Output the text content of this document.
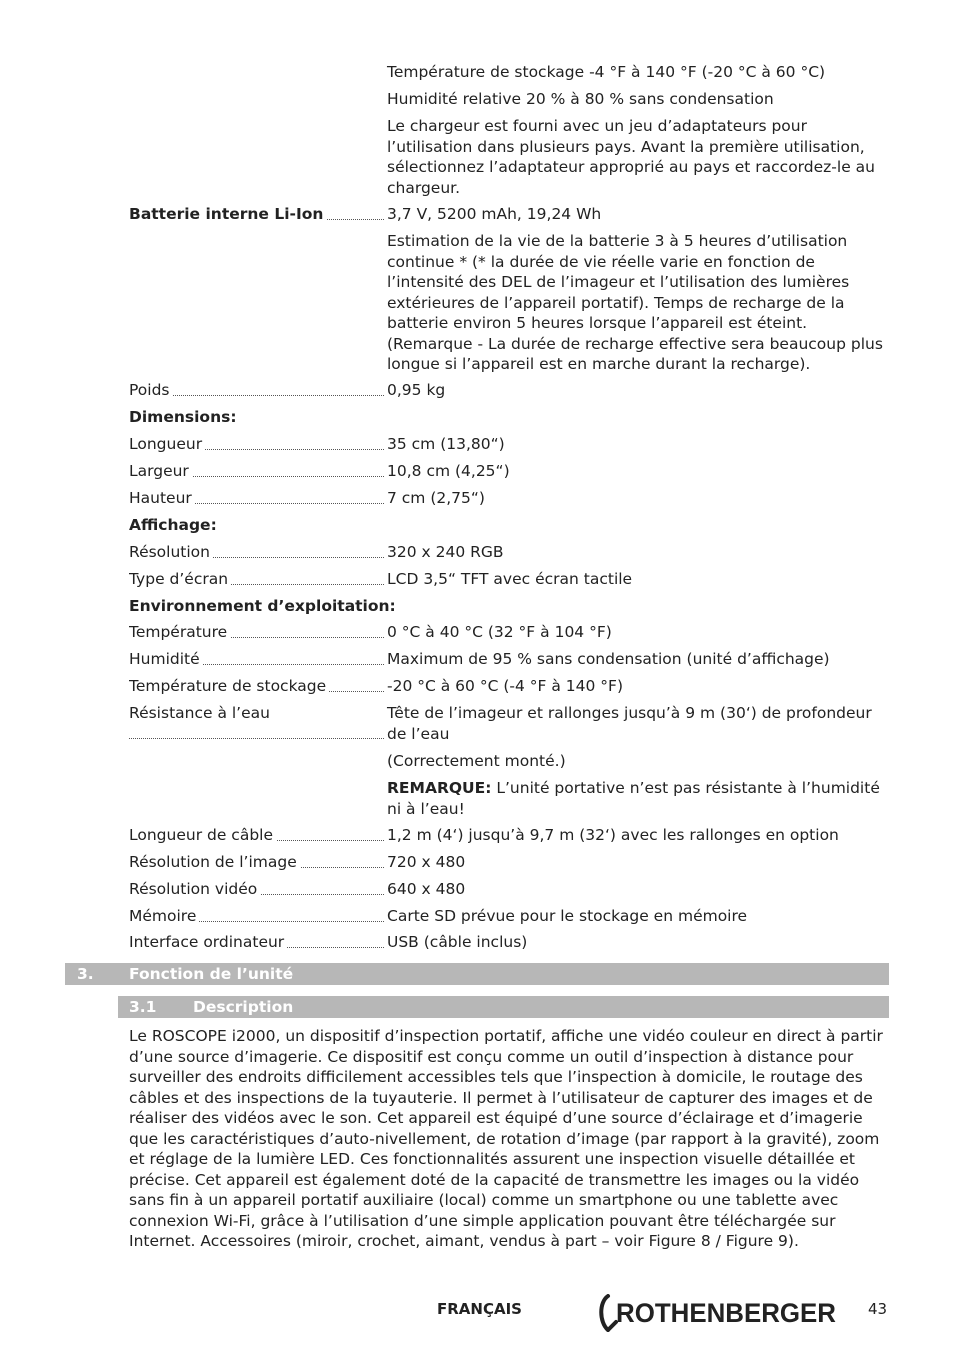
Température de stockage -4 °F à 140 °F (-20 °C à 60 °C)
Humidité relative 20 % à 80 % sans condensation
Le chargeur est fourni avec un jeu d’adaptateurs pour l’utilisation dans plusieurs pays. Avant la première utilisation, sélectionnez l’adaptateur approprié au pays et raccordez-le au chargeur.
Batterie interne Li-Ion	3,7 V, 5200 mAh, 19,24 Wh
Estimation de la vie de la batterie 3 à 5 heures d’utilisation continue * (* la durée de vie réelle varie en fonction de l’intensité des DEL de l’imageur et l’utilisation des lumières extérieures de l’appareil portatif). Temps de recharge de la batterie environ 5 heures lorsque l’appareil est éteint. (Remarque - La durée de recharge effective sera beaucoup plus longue si l’appareil est en marche durant la recharge).
Poids	0,95 kg
Dimensions:
Longueur	35 cm (13,80“)
Largeur	10,8 cm (4,25“)
Hauteur	7 cm (2,75“)
Affichage:
Résolution	320 x 240 RGB
Type d’écran	LCD 3,5“ TFT avec écran tactile
Environnement d’exploitation:
Température	0 °C à 40 °C (32 °F à 104 °F)
Humidité	Maximum de 95 % sans condensation (unité d’affichage)
Température de stockage	-20 °C à 60 °C (-4 °F à 140 °F)
Résistance à l’eau	Tête de l’imageur et rallonges jusqu’à 9 m (30‘) de profondeur de l’eau
(Correctement monté.)
REMARQUE: L’unité portative n’est pas résistante à l’humidité ni à l’eau!
Longueur de câble	1,2 m (4‘) jusqu’à 9,7 m (32‘) avec les rallonges en option
Résolution de l’image	720 x 480
Résolution vidéo	640 x 480
Mémoire	Carte SD prévue pour le stockage en mémoire
Interface ordinateur	USB (câble inclus)
3. Fonction de l’unité
3.1 Description

Le ROSCOPE i2000, un dispositif d’inspection portatif, affiche une vidéo couleur en direct à partir d’une source d’imagerie. Ce dispositif est conçu comme un outil d’inspection à distance pour surveiller des endroits difficilement accessibles tels que l’inspection à domicile, le routage des câbles et des inspections de la tuyauterie. Il permet à l’utilisateur de capturer des images et de réaliser des vidéos avec le son. Cet appareil est équipé d’une source d’éclairage et d’imagerie que les caractéristiques d’auto-nivellement, de rotation d’image (par rapport à la gravité), zoom et réglage de la lumière LED. Ces fonctionnalités assurent une inspection visuelle détaillée et précise. Cet appareil est également doté de la capacité de transmettre les images ou la vidéo sans fin à un appareil portatif auxiliaire (local) comme un smartphone ou une tablette avec connexion Wi-Fi, grâce à l’utilisation d’une simple application pouvant être téléchargée sur Internet. Accessoires (miroir, crochet, aimant, vendus à part – voir Figure 8 / Figure 9).

FRANÇAIS	ROTHENBERGER 43
